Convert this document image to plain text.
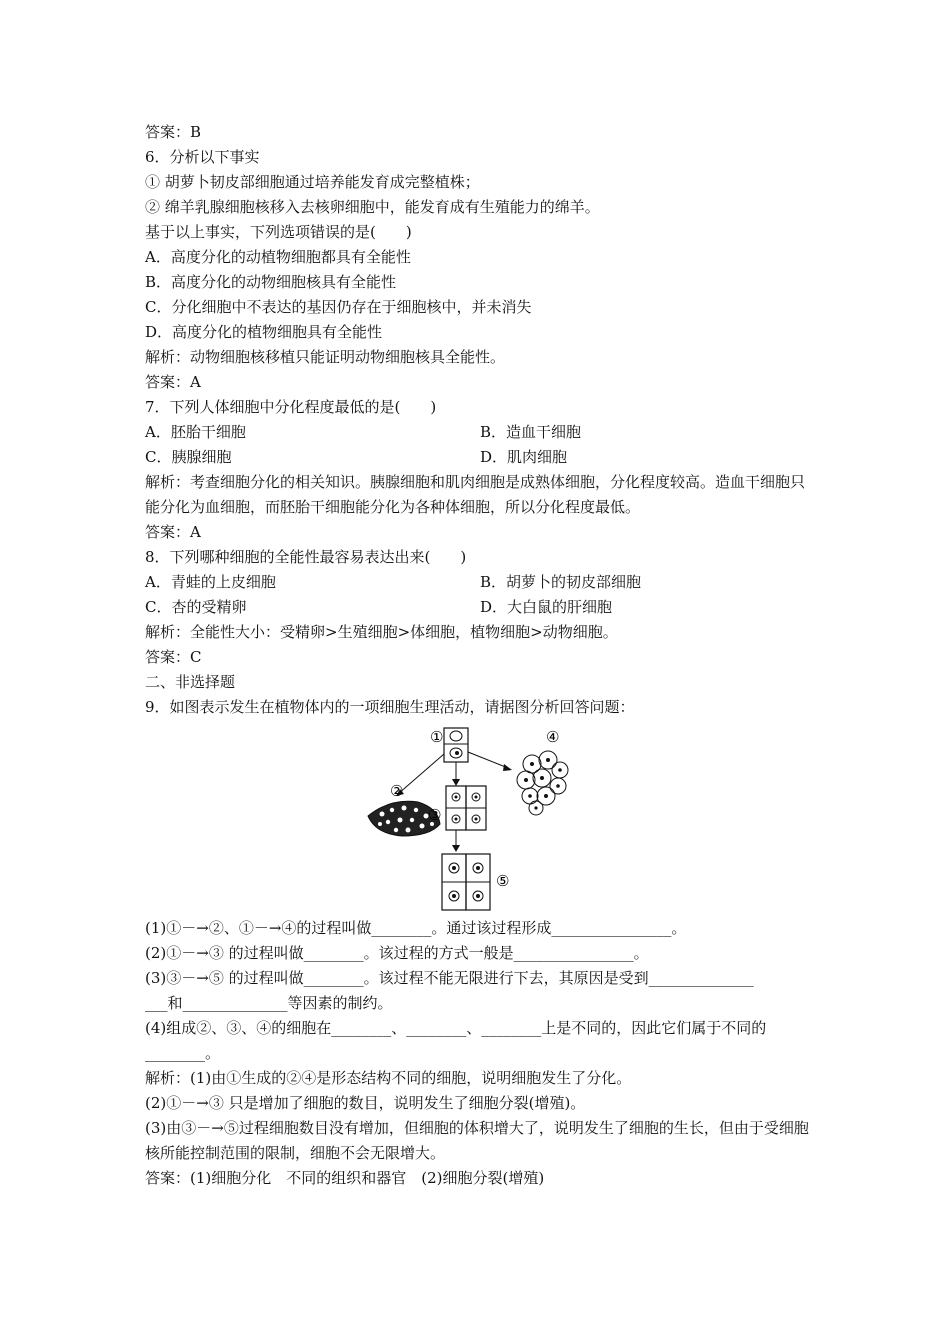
答案：B
6．分析以下事实
① 胡萝卜韧皮部细胞通过培养能发育成完整植株；
② 绵羊乳腺细胞核移入去核卵细胞中，能发育成有生殖能力的绵羊。
基于以上事实，下列选项错误的是(　　)
A．高度分化的动植物细胞都具有全能性
B．高度分化的动物细胞核具有全能性
C．分化细胞中不表达的基因仍存在于细胞核中，并未消失
D．高度分化的植物细胞具有全能性
解析：动物细胞核移植只能证明动物细胞核具全能性。
答案：A
7．下列人体细胞中分化程度最低的是(　　)
A．胚胎干细胞	B．造血干细胞
C．胰腺细胞	D．肌肉细胞
解析：考查细胞分化的相关知识。胰腺细胞和肌肉细胞是成熟体细胞，分化程度较高。造血干细胞只能分化为血细胞，而胚胎干细胞能分化为各种体细胞，所以分化程度最低。
答案：A
8．下列哪种细胞的全能性最容易表达出来(　　)
A．青蛙的上皮细胞	B．胡萝卜的韧皮部细胞
C．杏的受精卵	D．大白鼠的肝细胞
解析：全能性大小：受精卵>生殖细胞>体细胞，植物细胞>动物细胞。
答案：C
二、非选择题
9．如图表示发生在植物体内的一项细胞生理活动，请据图分析回答问题：
①
②
④
③
⑤
(1)①－→②、①－→④的过程叫做________。通过该过程形成________________。
(2)①－→③ 的过程叫做________。该过程的方式一般是________________。
(3)③－→⑤ 的过程叫做________。该过程不能无限进行下去，其原因是受到______________
___和______________等因素的制约。
(4)组成②、③、④的细胞在________、________、________上是不同的，因此它们属于不同的
________。
解析：(1)由①生成的②④是形态结构不同的细胞，说明细胞发生了分化。
(2)①－→③ 只是增加了细胞的数目，说明发生了细胞分裂(增殖)。
(3)由③－→⑤过程细胞数目没有增加，但细胞的体积增大了，说明发生了细胞的生长，但由于受细胞核所能控制范围的限制，细胞不会无限增大。
答案：(1)细胞分化　不同的组织和器官　(2)细胞分裂(增殖)
